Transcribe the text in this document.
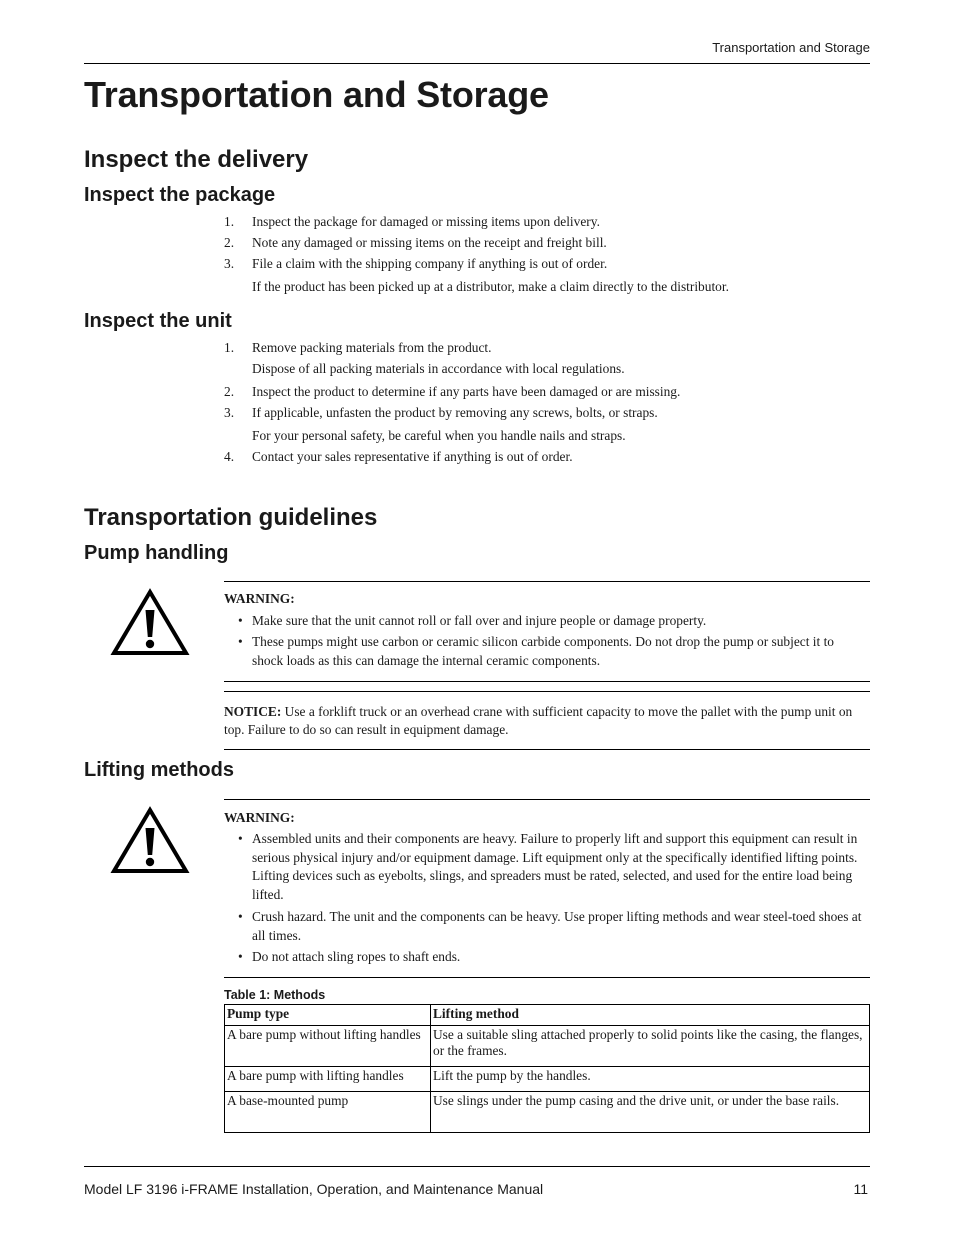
Transportation and Storage
Transportation and Storage
Inspect the delivery
Inspect the package
1.	Inspect the package for damaged or missing items upon delivery.
2.	Note any damaged or missing items on the receipt and freight bill.
3.	File a claim with the shipping company if anything is out of order.
If the product has been picked up at a distributor, make a claim directly to the distributor.
Inspect the unit
1.	Remove packing materials from the product.
Dispose of all packing materials in accordance with local regulations.
2.	Inspect the product to determine if any parts have been damaged or are missing.
3.	If applicable, unfasten the product by removing any screws, bolts, or straps.
For your personal safety, be careful when you handle nails and straps.
4.	Contact your sales representative if anything is out of order.
Transportation guidelines
Pump handling
WARNING:
• Make sure that the unit cannot roll or fall over and injure people or damage property.
• These pumps might use carbon or ceramic silicon carbide components. Do not drop the pump or subject it to shock loads as this can damage the internal ceramic components.
NOTICE: Use a forklift truck or an overhead crane with sufficient capacity to move the pallet with the pump unit on top. Failure to do so can result in equipment damage.
Lifting methods
WARNING:
• Assembled units and their components are heavy. Failure to properly lift and support this equipment can result in serious physical injury and/or equipment damage. Lift equipment only at the specifically identified lifting points. Lifting devices such as eyebolts, slings, and spreaders must be rated, selected, and used for the entire load being lifted.
• Crush hazard. The unit and the components can be heavy. Use proper lifting methods and wear steel-toed shoes at all times.
• Do not attach sling ropes to shaft ends.
Table 1: Methods
Pump type	Lifting method
A bare pump without lifting handles	Use a suitable sling attached properly to solid points like the casing, the flanges, or the frames.
A bare pump with lifting handles	Lift the pump by the handles.
A base-mounted pump	Use slings under the pump casing and the drive unit, or under the base rails.
Model LF 3196 i-FRAME Installation, Operation, and Maintenance Manual	11
